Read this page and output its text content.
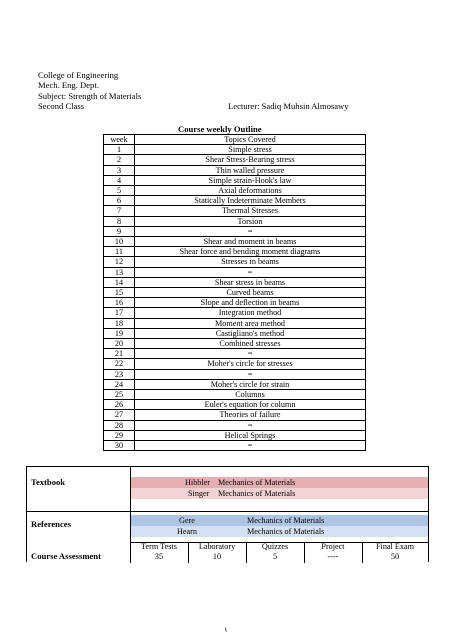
College of Engineering
Mech. Eng. Dept.
Subject: Strength of Materials
Second Class	Lecturer: Sadiq Muhsin Almosawy
Course weekly Outline
week	Topics Covered
1	Simple stress
2	Shear Stress-Bearing stress
3	Thin walled pressure
4	Simple strain-Hook's law
5	Axial deformations
6	Statically Indeterminate Members
7	Thermal Stresses
8	Torsion
9	=
10	Shear and moment in beams
11	Shear force and bending moment diagrams
12	Stresses in beams
13	=
14	Shear stress in beams
15	Curved beams
16	Slope and deflection in beams
17	Integration method
18	Moment area method
19	Castigliano's method
20	Combined stresses
21	=
22	Moher's circle for stresses
23	=
24	Moher's circle for strain
25	Columns
26	Euler's equation for column
27	Theories of failure
28	=
29	Helical Springs
30	=
Textbook	Hibbler Mechanics of Materials
Singer Mechanics of Materials
References	Gere	Mechanics of Materials
Hearn	Mechanics of Materials
Course Assessment
Term Tests	Laboratory	Quizzes	Project	Final Exam
35	10	5	----	50
١
